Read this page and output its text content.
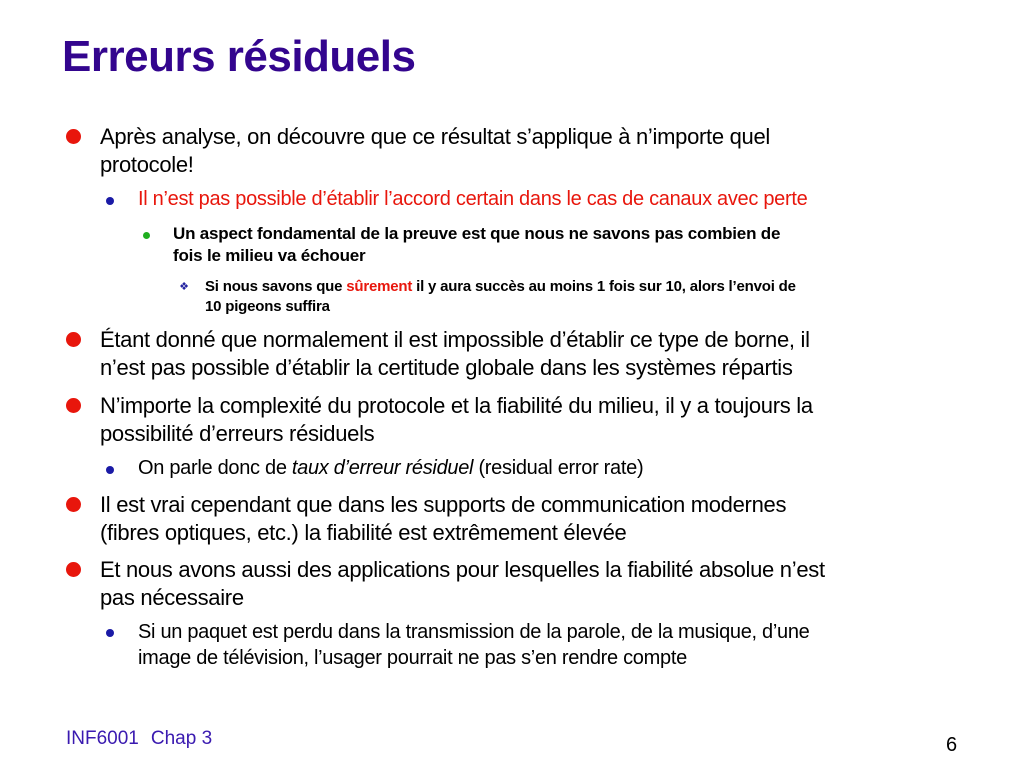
Erreurs résiduels
Après analyse, on découvre que ce résultat s’applique à n’importe quel
protocole!
Il n’est pas possible d’établir l’accord certain dans le cas de canaux avec perte
Un aspect fondamental de la preuve est que nous ne savons pas combien de
fois le milieu va échouer
❖ Si nous savons que sûrement il y aura succès au moins 1 fois sur 10, alors l’envoi de
10 pigeons suffira
Étant donné que normalement il est impossible d’établir ce type de borne, il
n’est pas possible d’établir la certitude globale dans les systèmes répartis
N’importe la complexité du protocole et la fiabilité du milieu, il y a toujours la
possibilité d’erreurs résiduels
On parle donc de taux d’erreur résiduel (residual error rate)
Il est vrai cependant que dans les supports de communication modernes
(fibres optiques, etc.) la fiabilité est extrêmement élevée
Et nous avons aussi des applications pour lesquelles la fiabilité absolue n’est
pas nécessaire
Si un paquet est perdu dans la transmission de la parole, de la musique, d’une
image de télévision, l’usager pourrait ne pas s’en rendre compte
INF6001 Chap 3	6
